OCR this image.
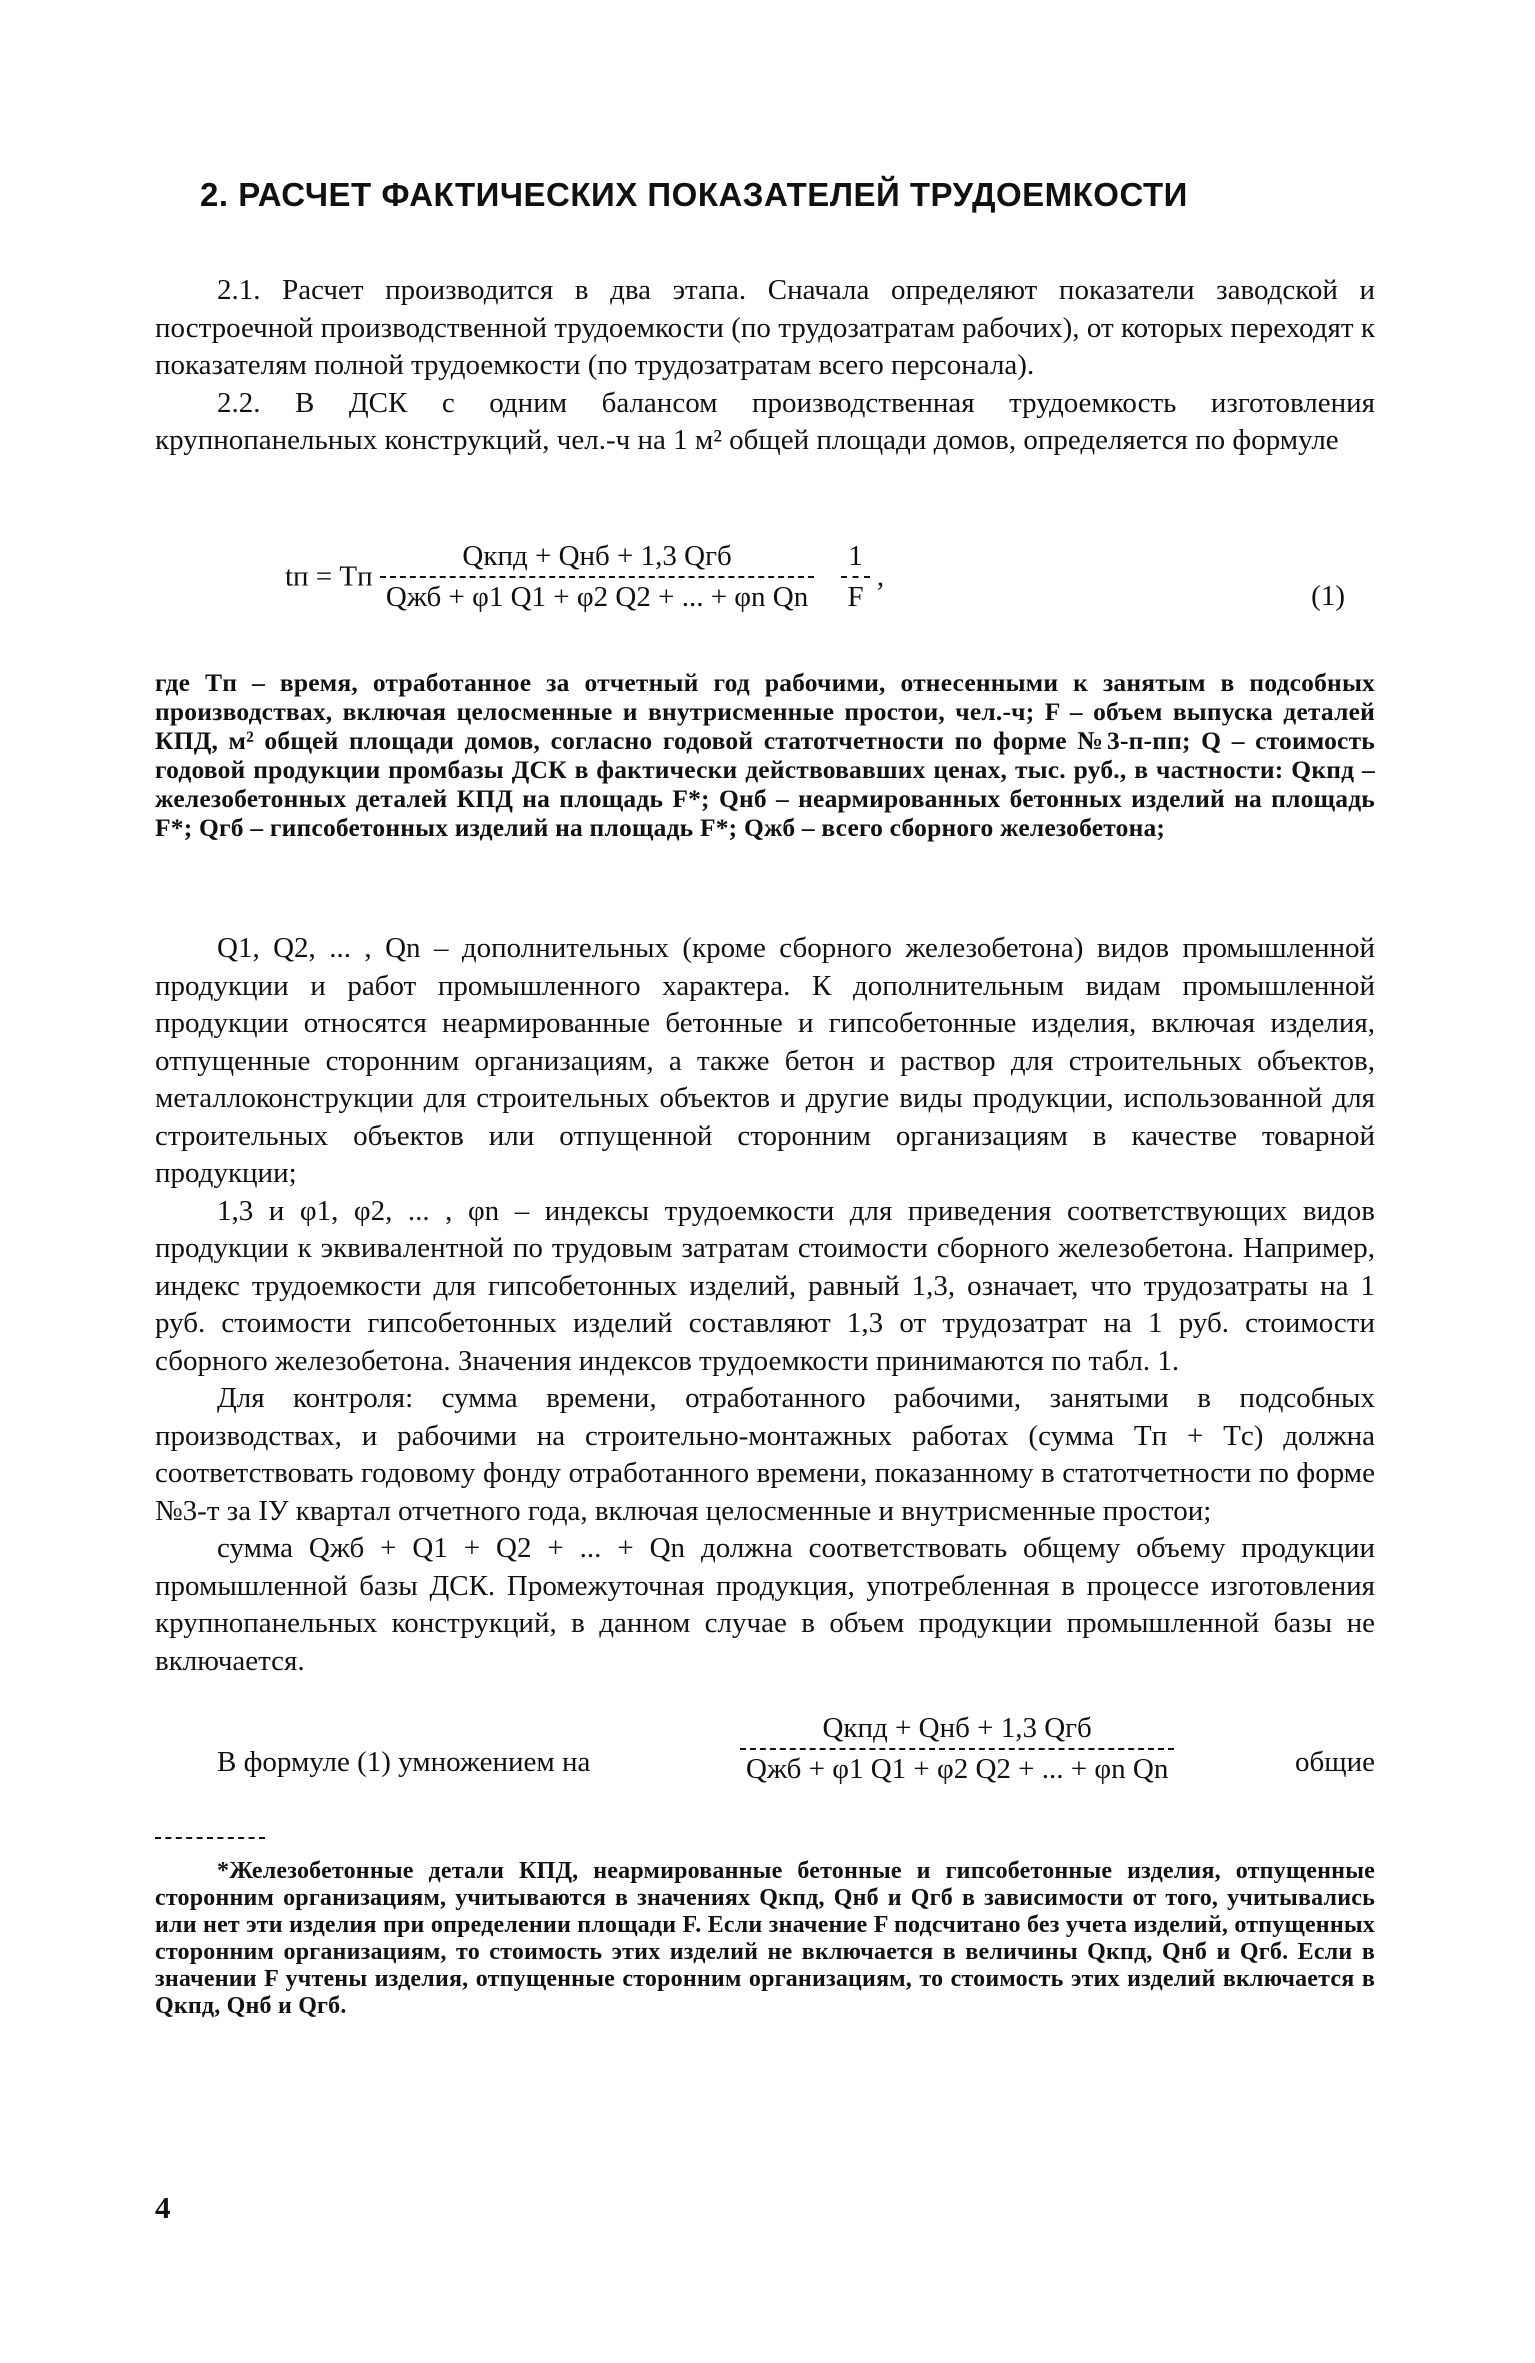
2. РАСЧЕТ ФАКТИЧЕСКИХ ПОКАЗАТЕЛЕЙ ТРУДОЕМКОСТИ

2.1. Расчет производится в два этапа. Сначала определяют показатели заводской и построечной производственной трудоемкости (по трудозатратам рабочих), от которых переходят к показателям полной трудоемкости (по трудозатратам всего персонала).

2.2. В ДСК с одним балансом производственная трудоемкость изготовления крупнопанельных конструкций, чел.-ч на 1 м² общей площади домов, определяется по формуле

tп = Tп $\frac{\text{Qкпд + Qнб + 1,3 Qгб}}{\text{Qжб + φ1 Q1 + φ2 Q2 + ... + φn Qn}}$
$\frac{1}{F}$ ,
(1)

где Tп – время, отработанное за отчетный год рабочими, отнесенными к занятым в подсобных производствах, включая целосменные и внутрисменные простои, чел.-ч; F – объем выпуска деталей КПД, м² общей площади домов, согласно годовой статотчетности по форме №3-п-пп; Q – стоимость годовой продукции промбазы ДСК в фактически действовавших ценах, тыс. руб., в частности: Qкпд – железобетонных деталей КПД на площадь F*; Qнб – неармированных бетонных изделий на площадь F*; Qгб – гипсобетонных изделий на площадь F*; Qжб – всего сборного железобетона;

Q1, Q2, ... , Qn – дополнительных (кроме сборного железобетона) видов промышленной продукции и работ промышленного характера. К дополнительным видам промышленной продукции относятся неармированные бетонные и гипсобетонные изделия, включая изделия, отпущенные сторонним организациям, а также бетон и раствор для строительных объектов, металлоконструкции для строительных объектов и другие виды продукции, использованной для строительных объектов или отпущенной сторонним организациям в качестве товарной продукции;

1,3 и φ1, φ2, ... , φn – индексы трудоемкости для приведения соответствующих видов продукции к эквивалентной по трудовым затратам стоимости сборного железобетона. Например, индекс трудоемкости для гипсобетонных изделий, равный 1,3, означает, что трудозатраты на 1 руб. стоимости гипсобетонных изделий составляют 1,3 от трудозатрат на 1 руб. стоимости сборного железобетона. Значения индексов трудоемкости принимаются по табл. 1.

Для контроля: сумма времени, отработанного рабочими, занятыми в подсобных производствах, и рабочими на строительно-монтажных работах (сумма Tп + Tс) должна соответствовать годовому фонду отработанного времени, показанному в статотчетности по форме №3-т за IУ квартал отчетного года, включая целосменные и внутрисменные простои;

сумма Qжб + Q1 + Q2 + ... + Qn должна соответствовать общему объему продукции промышленной базы ДСК. Промежуточная продукция, употребленная в процессе изготовления крупнопанельных конструкций, в данном случае в объем продукции промышленной базы не включается.

В формуле (1) умножением на
Qкпд + Qнб + 1,3 Qгб
Qжб + φ1 Q1 + φ2 Q2 + ... + φn Qn	общие

*Железобетонные детали КПД, неармированные бетонные и гипсобетонные изделия, отпущенные сторонним организациям, учитываются в значениях Qкпд, Qнб и Qгб в зависимости от того, учитывались или нет эти изделия при определении площади F. Если значение F подсчитано без учета изделий, отпущенных сторонним организациям, то стоимость этих изделий не включается в величины Qкпд, Qнб и Qгб. Если в значении F учтены изделия, отпущенные сторонним организациям, то стоимость этих изделий включается в Qкпд, Qнб и Qгб.

4
